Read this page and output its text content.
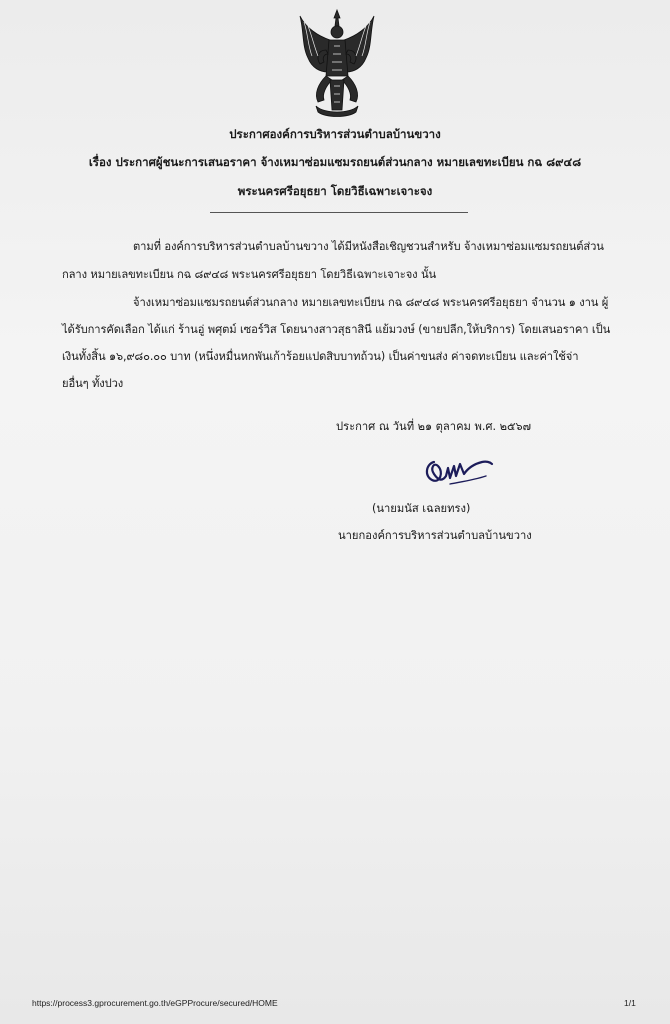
ประกาศองค์การบริหารส่วนตำบลบ้านขวาง
เรื่อง ประกาศผู้ชนะการเสนอราคา จ้างเหมาซ่อมแซมรถยนต์ส่วนกลาง หมายเลขทะเบียน กฉ ๘๙๔๘
พระนครศรีอยุธยา โดยวิธีเฉพาะเจาะจง
ตามที่ องค์การบริหารส่วนตำบลบ้านขวาง ได้มีหนังสือเชิญชวนสำหรับ จ้างเหมาซ่อมแซมรถยนต์ส่วน
กลาง หมายเลขทะเบียน กฉ ๘๙๔๘ พระนครศรีอยุธยา โดยวิธีเฉพาะเจาะจง นั้น
จ้างเหมาซ่อมแซมรถยนต์ส่วนกลาง หมายเลขทะเบียน กฉ ๘๙๔๘ พระนครศรีอยุธยา จำนวน ๑ งาน ผู้
ได้รับการคัดเลือก ได้แก่ ร้านอู่ พศุตม์ เซอร์วิส โดยนางสาวสุธาสินี แย้มวงษ์ (ขายปลีก,ให้บริการ) โดยเสนอราคา เป็น
เงินทั้งสิ้น ๑๖,๙๘๐.๐๐ บาท (หนึ่งหมื่นหกพันเก้าร้อยแปดสิบบาทถ้วน) เป็นค่าขนส่ง ค่าจดทะเบียน และค่าใช้จ่า
ยอื่นๆ ทั้งปวง
ประกาศ ณ วันที่ ๒๑ ตุลาคม พ.ศ. ๒๕๖๗
(นายมนัส เฉลยทรง)
นายกองค์การบริหารส่วนตำบลบ้านขวาง
https://process3.gprocurement.go.th/eGPProcure/secured/HOME	1/1
